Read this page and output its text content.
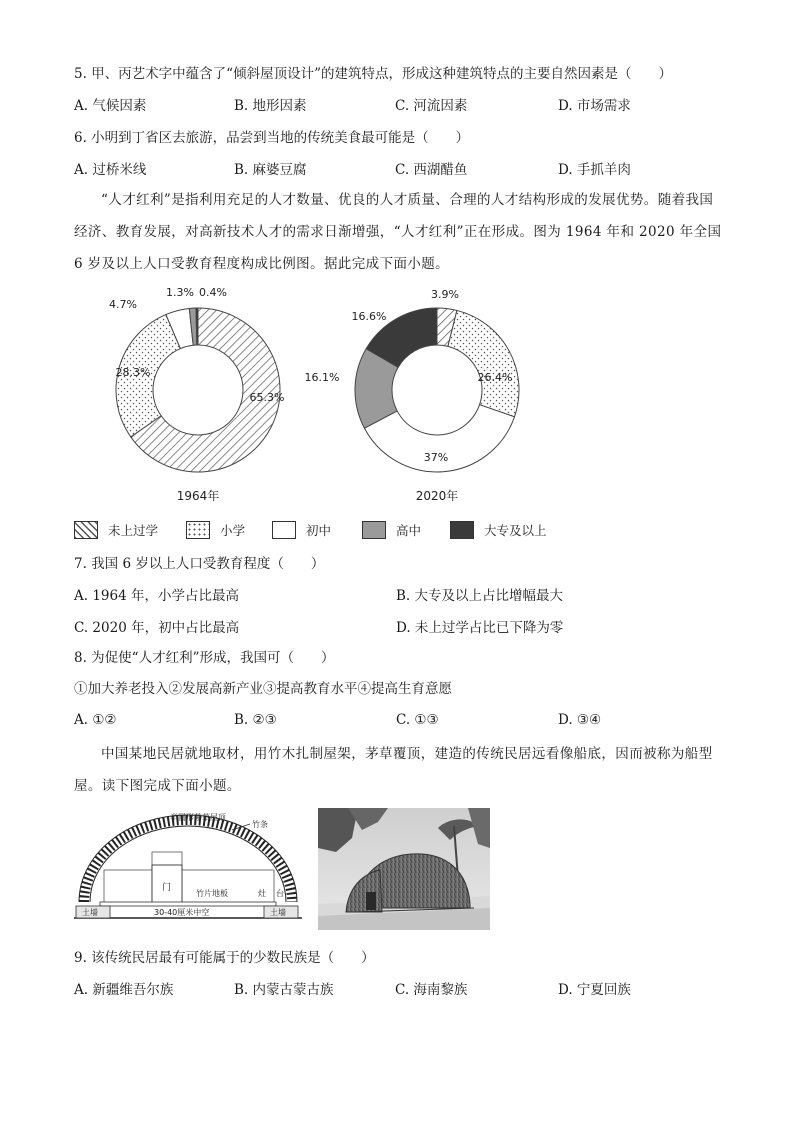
5. 甲、丙艺术字中蕴含了“倾斜屋顶设计”的建筑特点，形成这种建筑特点的主要自然因素是（　　）
A. 气候因素	B. 地形因素	C. 河流因素	D. 市场需求
6. 小明到丁省区去旅游，品尝到当地的传统美食最可能是（　　）
A. 过桥米线	B. 麻婆豆腐	C. 西湖醋鱼	D. 手抓羊肉
“人才红利”是指利用充足的人才数量、优良的人才质量、合理的人才结构形成的发展优势。随着我国
经济、教育发展，对高新技术人才的需求日渐增强，“人才红利”正在形成。图为 1964 年和 2020 年全国
6 岁及以上人口受教育程度构成比例图。据此完成下面小题。
65.3%
28.3%
4.7%
1.3% 0.4%
1964年
3.9%
26.4%
37%
16.1%
16.6%
2020年
未上过学	小学	初中	高中	大专及以上
7. 我国 6 岁以上人口受教育程度（　　）
A. 1964 年，小学占比最高	B. 大专及以上占比增幅最大
C. 2020 年，初中占比最高	D. 未上过学占比已下降为零
8. 为促使“人才红利”形成，我国可（　　）
①加大养老投入②发展高新产业③提高教育水平④提高生育意愿
A. ①②	B. ②③	C. ①③	D. ③④
中国某地民居就地取材，用竹木扎制屋架，茅草覆顶，建造的传统民居远看像船底，因而被称为船型
屋。读下图完成下面小题。
半圆形茅草屋顶
竹条
门
竹片地板	灶 台
30-40厘米中空
土墙	土墙
9. 该传统民居最有可能属于的少数民族是（　　）
A. 新疆维吾尔族	B. 内蒙古蒙古族	C. 海南黎族	D. 宁夏回族
